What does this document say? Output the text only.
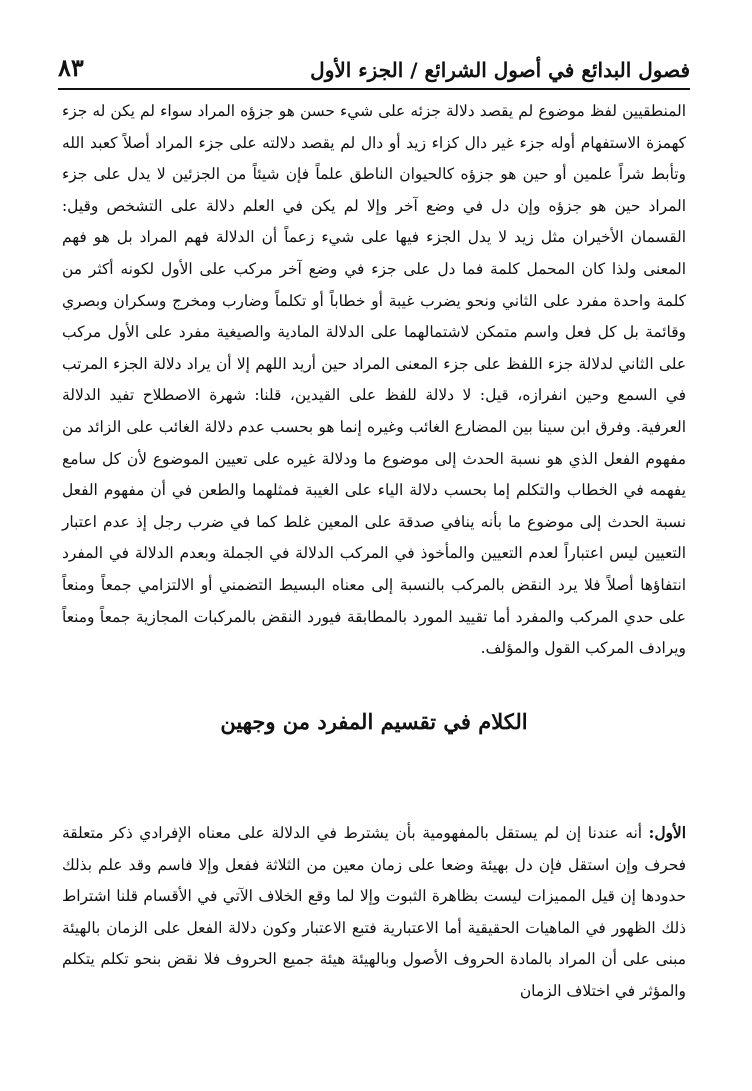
فصول البدائع في أصول الشرائع / الجزء الأول
٨٣
المنطقيين لفظ موضوع لم يقصد دلالة جزئه على شيء حسن هو جزؤه المراد سواء لم يكن له جزء كهمزة الاستفهام أوله جزء غير دال كزاء زيد أو دال لم يقصد دلالته على جزء المراد أصلاً كعبد الله وتأبط شراً علمين أو حين هو جزؤه كالحيوان الناطق علماً فإن شيئاً من الجزئين لا يدل على جزء المراد حين هو جزؤه وإن دل في وضع آخر وإلا لم يكن في العلم دلالة على التشخص وقيل: القسمان الأخيران مثل زيد لا يدل الجزء فيها على شيء زعماً أن الدلالة فهم المراد بل هو فهم المعنى ولذا كان المحمل كلمة فما دل على جزء في وضع آخر مركب على الأول لكونه أكثر من كلمة واحدة مفرد على الثاني ونحو يضرب غيبة أو خطاباً أو تكلماً وضارب ومخرج وسكران وبصري وقائمة بل كل فعل واسم متمكن لاشتمالهما على الدلالة المادية والصيغية مفرد على الأول مركب على الثاني لدلالة جزء اللفظ على جزء المعنى المراد حين أريد اللهم إلا أن يراد دلالة الجزء المرتب في السمع وحين انفرازه، قيل: لا دلالة للفظ على القيدين، قلنا: شهرة الاصطلاح تفيد الدلالة العرفية. وفرق ابن سينا بين المضارع الغائب وغيره إنما هو بحسب عدم دلالة الغائب على الزائد من مفهوم الفعل الذي هو نسبة الحدث إلى موضوع ما ودلالة غيره على تعيين الموضوع لأن كل سامع يفهمه في الخطاب والتكلم إما بحسب دلالة الياء على الغيبة فمثلهما والطعن في أن مفهوم الفعل نسبة الحدث إلى موضوع ما بأنه ينافي صدقة على المعين غلط كما في ضرب رجل إذ عدم اعتبار التعيين ليس اعتباراً لعدم التعيين والمأخوذ في المركب الدلالة في الجملة وبعدم الدلالة في المفرد انتفاؤها أصلاً فلا يرد النقض بالمركب بالنسبة إلى معناه البسيط التضمني أو الالتزامي جمعاً ومنعاً على حدي المركب والمفرد أما تقييد المورد بالمطابقة فيورد النقض بالمركبات المجازية جمعاً ومنعاً ويرادف المركب القول والمؤلف.
الكلام في تقسيم المفرد من وجهين
الأول: أنه عندنا إن لم يستقل بالمفهومية بأن يشترط في الدلالة على معناه الإفرادي ذكر متعلقة فحرف وإن استقل فإن دل بهيئة وضعا على زمان معين من الثلاثة ففعل وإلا فاسم وقد علم بذلك حدودها إن قيل المميزات ليست بظاهرة الثبوت وإلا لما وقع الخلاف الآتي في الأقسام قلنا اشتراط ذلك الظهور في الماهيات الحقيقية أما الاعتبارية فتبع الاعتبار وكون دلالة الفعل على الزمان بالهيئة مبنى على أن المراد بالمادة الحروف الأصول وبالهيئة هيئة جميع الحروف فلا نقض بنحو تكلم يتكلم والمؤثر في اختلاف الزمان
